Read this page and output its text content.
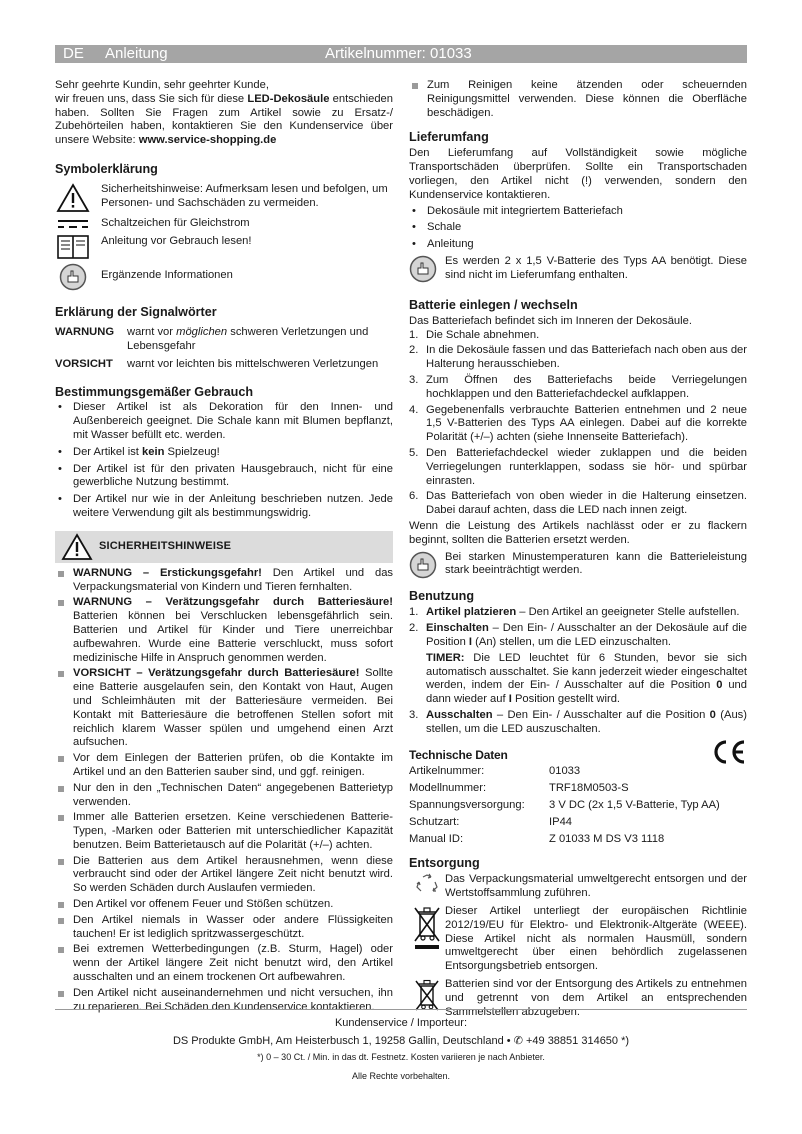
DE Anleitung	Artikelnummer: 01033

Sehr geehrte Kundin, sehr geehrter Kunde,

wir freuen uns, dass Sie sich für diese LED-Dekosäule entschieden haben. Sollten Sie Fragen zum Artikel sowie zu Ersatz-/ Zubehörteilen haben, kontaktieren Sie den Kundenservice über unsere Website: www.service-shopping.de

Symbolerklärung
Sicherheitshinweise: Aufmerksam lesen und befolgen, um Personen- und Sachschäden zu vermeiden.
Schaltzeichen für Gleichstrom
Anleitung vor Gebrauch lesen!
Ergänzende Informationen
Erklärung der Signalwörter
WARNUNG	warnt vor möglichen schweren Verletzungen und Lebensgefahr
VORSICHT	warnt vor leichten bis mittelschweren Verletzungen
Bestimmungsgemäßer Gebrauch
• Dieser Artikel ist als Dekoration für den Innen- und Außenbereich geeignet. Die Schale kann mit Blumen bepflanzt, mit Wasser befüllt etc. werden.
• Der Artikel ist kein Spielzeug!
• Der Artikel ist für den privaten Hausgebrauch, nicht für eine gewerbliche Nutzung bestimmt.
• Der Artikel nur wie in der Anleitung beschrieben nutzen. Jede weitere Verwendung gilt als bestimmungswidrig.
SICHERHEITSHINWEISE
WARNUNG – Erstickungsgefahr! Den Artikel und das Verpackungsmaterial von Kindern und Tieren fernhalten.
WARNUNG – Verätzungsgefahr durch Batteriesäure! Batterien können bei Verschlucken lebensgefährlich sein. Batterien und Artikel für Kinder und Tiere unerreichbar aufbewahren. Wurde eine Batterie verschluckt, muss sofort medizinische Hilfe in Anspruch genommen werden.
VORSICHT – Verätzungsgefahr durch Batteriesäure! Sollte eine Batterie ausgelaufen sein, den Kontakt von Haut, Augen und Schleimhäuten mit der Batteriesäure vermeiden. Bei Kontakt mit Batteriesäure die betroffenen Stellen sofort mit reichlich klarem Wasser spülen und umgehend einen Arzt aufsuchen.
Vor dem Einlegen der Batterien prüfen, ob die Kontakte im Artikel und an den Batterien sauber sind, und ggf. reinigen.
Nur den in den „Technischen Daten“ angegebenen Batterietyp verwenden.
Immer alle Batterien ersetzen. Keine verschiedenen Batterie-Typen, -Marken oder Batterien mit unterschiedlicher Kapazität benutzen. Beim Batterietausch auf die Polarität (+/–) achten.
Die Batterien aus dem Artikel herausnehmen, wenn diese verbraucht sind oder der Artikel längere Zeit nicht benutzt wird. So werden Schäden durch Auslaufen vermieden.
Den Artikel vor offenem Feuer und Stößen schützen.
Den Artikel niemals in Wasser oder andere Flüssigkeiten tauchen! Er ist lediglich spritzwassergeschützt.
Bei extremen Wetterbedingungen (z.B. Sturm, Hagel) oder wenn der Artikel längere Zeit nicht benutzt wird, den Artikel ausschalten und an einem trockenen Ort aufbewahren.
Den Artikel nicht auseinandernehmen und nicht versuchen, ihn zu reparieren. Bei Schäden den Kundenservice kontaktieren.
Zum Reinigen keine ätzenden oder scheuernden Reinigungsmittel verwenden. Diese können die Oberfläche beschädigen.
Lieferumfang

Den Lieferumfang auf Vollständigkeit sowie mögliche Transportschäden überprüfen. Sollte ein Transportschaden vorliegen, den Artikel nicht (!) verwenden, sondern den Kundenservice kontaktieren.

• Dekosäule mit integriertem Batteriefach
• Schale
• Anleitung
Es werden 2 x 1,5 V-Batterie des Typs AA benötigt. Diese sind nicht im Lieferumfang enthalten.
Batterie einlegen / wechseln

Das Batteriefach befindet sich im Inneren der Dekosäule.

1. Die Schale abnehmen.
2. In die Dekosäule fassen und das Batteriefach nach oben aus der Halterung herausschieben.
3. Zum Öffnen des Batteriefachs beide Verriegelungen hochklappen und den Batteriefachdeckel aufklappen.
4. Gegebenenfalls verbrauchte Batterien entnehmen und 2 neue 1,5 V-Batterien des Typs AA einlegen. Dabei auf die korrekte Polarität (+/–) achten (siehe Innenseite Batteriefach).
5. Den Batteriefachdeckel wieder zuklappen und die beiden Verriegelungen runterklappen, sodass sie hör- und spürbar einrasten.
6. Das Batteriefach von oben wieder in die Halterung einsetzen. Dabei darauf achten, dass die LED nach innen zeigt.

Wenn die Leistung des Artikels nachlässt oder er zu flackern beginnt, sollten die Batterien ersetzt werden.

Bei starken Minustemperaturen kann die Batterieleistung stark beeinträchtigt werden.
Benutzung
1. Artikel platzieren – Den Artikel an geeigneter Stelle aufstellen.
2. Einschalten – Den Ein- / Ausschalter an der Dekosäule auf die Position I (An) stellen, um die LED einzuschalten.
TIMER: Die LED leuchtet für 6 Stunden, bevor sie sich automatisch ausschaltet. Sie kann jederzeit wieder eingeschaltet werden, indem der Ein- / Ausschalter auf die Position 0 und dann wieder auf I Position gestellt wird.
3. Ausschalten – Den Ein- / Ausschalter auf die Position 0 (Aus) stellen, um die LED auszuschalten.
Technische Daten
Artikelnummer:	01033
Modellnummer:	TRF18M0503-S
Spannungsversorgung:	3 V DC (2x 1,5 V-Batterie, Typ AA)
Schutzart:	IP44
Manual ID:	Z 01033 M DS V3 1118
Entsorgung
Das Verpackungsmaterial umweltgerecht entsorgen und der Wertstoffsammlung zuführen.
Dieser Artikel unterliegt der europäischen Richtlinie 2012/19/EU für Elektro- und Elektronik-Altgeräte (WEEE). Diese Artikel nicht als normalen Hausmüll, sondern umweltgerecht über einen behördlich zugelassenen Entsorgungsbetrieb entsorgen.
Batterien sind vor der Entsorgung des Artikels zu entnehmen und getrennt von dem Artikel an entsprechenden Sammelstellen abzugeben.
Kundenservice / Importeur:
DS Produkte GmbH, Am Heisterbusch 1, 19258 Gallin, Deutschland • ✆ +49 38851 314650 *)
*) 0 – 30 Ct. / Min. in das dt. Festnetz. Kosten variieren je nach Anbieter.
Alle Rechte vorbehalten.
